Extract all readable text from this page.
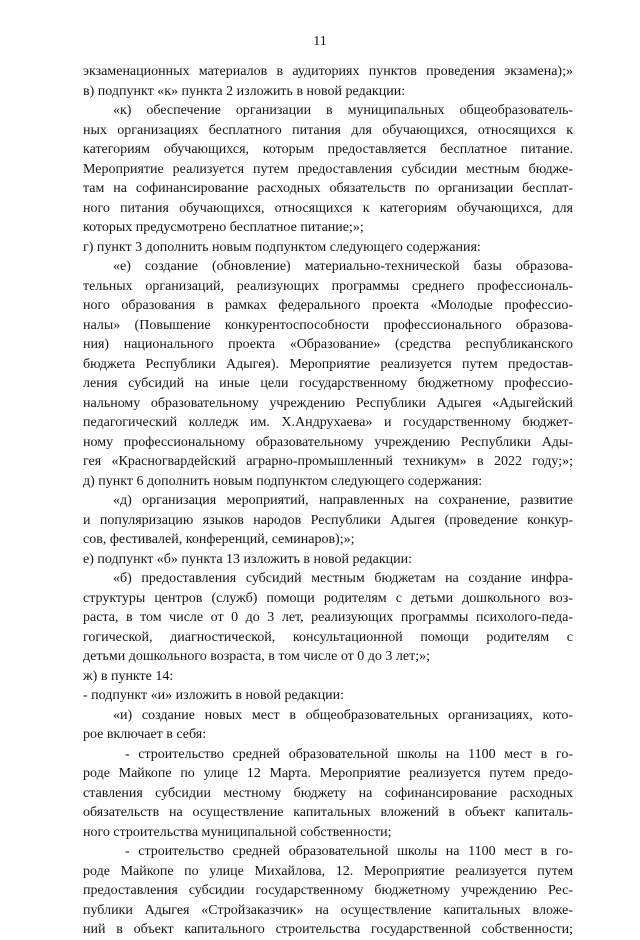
11
экзаменационных материалов в аудиториях пунктов проведения экзамена);»
в) подпункт «к» пункта 2 изложить в новой редакции:
«к) обеспечение организации в муниципальных общеобразователь-
ных организациях бесплатного питания для обучающихся, относящихся к
категориям обучающихся, которым предоставляется бесплатное питание.
Мероприятие реализуется путем предоставления субсидии местным бюдже-
там на софинансирование расходных обязательств по организации бесплат-
ного питания обучающихся, относящихся к категориям обучающихся, для
которых предусмотрено бесплатное питание;»;
г) пункт 3 дополнить новым подпунктом следующего содержания:
«е) создание (обновление) материально-технической базы образова-
тельных организаций, реализующих программы среднего профессиональ-
ного образования в рамках федерального проекта «Молодые профессио-
налы» (Повышение конкурентоспособности профессионального образова-
ния) национального проекта «Образование» (средства республиканского
бюджета Республики Адыгея). Мероприятие реализуется путем предостав-
ления субсидий на иные цели государственному бюджетному профессио-
нальному образовательному учреждению Республики Адыгея «Адыгейский
педагогический колледж им. Х.Андрухаева» и государственному бюджет-
ному профессиональному образовательному учреждению Республики Ады-
гея «Красногвардейский аграрно-промышленный техникум» в 2022 году;»;
д) пункт 6 дополнить новым подпунктом следующего содержания:
«д) организация мероприятий, направленных на сохранение, развитие
и популяризацию языков народов Республики Адыгея (проведение конкур-
сов, фестивалей, конференций, семинаров);»;
е) подпункт «б» пункта 13 изложить в новой редакции:
«б) предоставления субсидий местным бюджетам на создание инфра-
структуры центров (служб) помощи родителям с детьми дошкольного воз-
раста, в том числе от 0 до 3 лет, реализующих программы психолого-педа-
гогической, диагностической, консультационной помощи родителям с
детьми дошкольного возраста, в том числе от 0 до 3 лет;»;
ж) в пункте 14:
- подпункт «и» изложить в новой редакции:
«и) создание новых мест в общеобразовательных организациях, кото-
рое включает в себя:
- строительство средней образовательной школы на 1100 мест в го-
роде Майкопе по улице 12 Марта. Мероприятие реализуется путем предо-
ставления субсидии местному бюджету на софинансирование расходных
обязательств на осуществление капитальных вложений в объект капиталь-
ного строительства муниципальной собственности;
- строительство средней образовательной школы на 1100 мест в го-
роде Майкопе по улице Михайлова, 12. Мероприятие реализуется путем
предоставления субсидии государственному бюджетному учреждению Рес-
публики Адыгея «Стройзаказчик» на осуществление капитальных вложе-
ний в объект капитального строительства государственной собственности;
